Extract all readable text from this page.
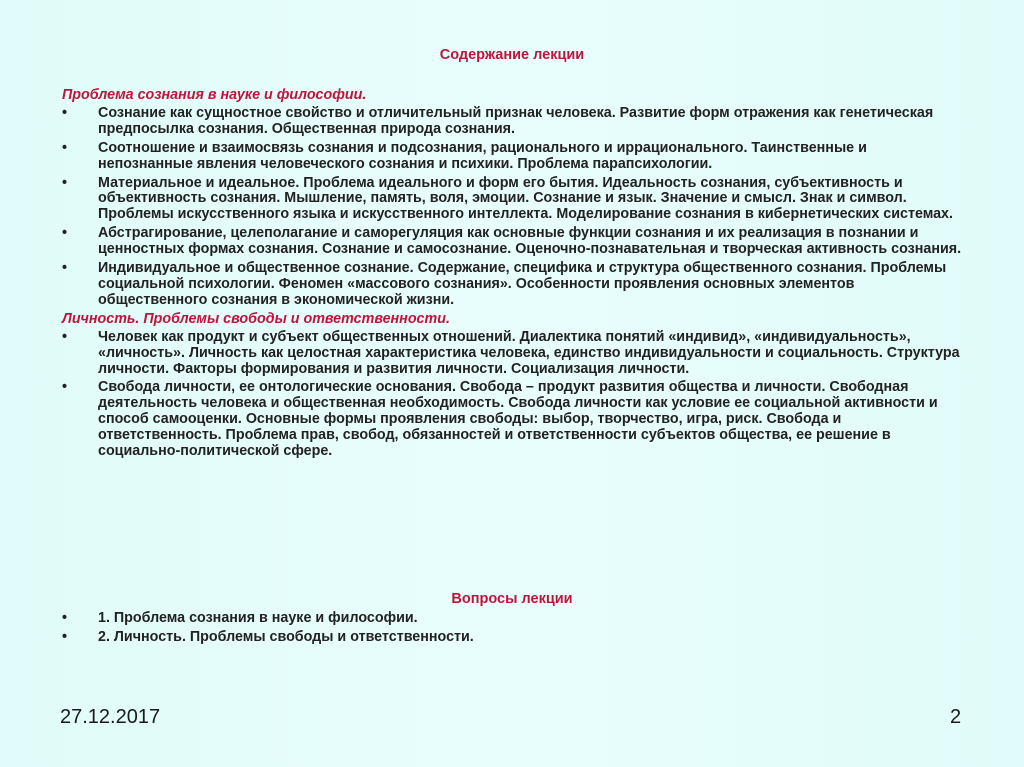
Содержание лекции
Проблема сознания в науке и философии.
• Сознание как сущностное свойство и отличительный признак человека. Развитие форм отражения как генетическая предпосылка сознания. Общественная природа сознания.
• Соотношение и взаимосвязь сознания и подсознания, рационального и иррационального. Таинственные и непознанные явления человеческого сознания и психики. Проблема парапсихологии.
• Материальное и идеальное. Проблема идеального и форм его бытия. Идеальность сознания, субъективность и объективность сознания. Мышление, память, воля, эмоции. Сознание и язык. Значение и смысл. Знак и символ. Проблемы искусственного языка и искусственного интеллекта. Моделирование сознания в кибернетических системах.
• Абстрагирование, целеполагание и саморегуляция как основные функции сознания и их реализация в познании и ценностных формах сознания. Сознание и самосознание. Оценочно-познавательная и творческая активность сознания.
• Индивидуальное и общественное сознание. Содержание, специфика и структура общественного сознания. Проблемы социальной психологии. Феномен «массового сознания». Особенности проявления основных элементов общественного сознания в экономической жизни.
Личность. Проблемы свободы и ответственности.
• Человек как продукт и субъект общественных отношений. Диалектика понятий «индивид», «индивидуальность», «личность». Личность как целостная характеристика человека, единство индивидуальности и социальность. Структура личности. Факторы формирования и развития личности. Социализация личности.
• Свобода личности, ее онтологические основания. Свобода – продукт развития общества и личности. Свободная деятельность человека и общественная необходимость. Свобода личности как условие ее социальной активности и способ самооценки. Основные формы проявления свободы: выбор, творчество, игра, риск. Свобода и ответственность. Проблема прав, свобод, обязанностей и ответственности субъектов общества, ее решение в социально-политической сфере.
Вопросы лекции
• 1. Проблема сознания в науке и философии.
• 2. Личность. Проблемы свободы и ответственности.
27.12.2017	2
